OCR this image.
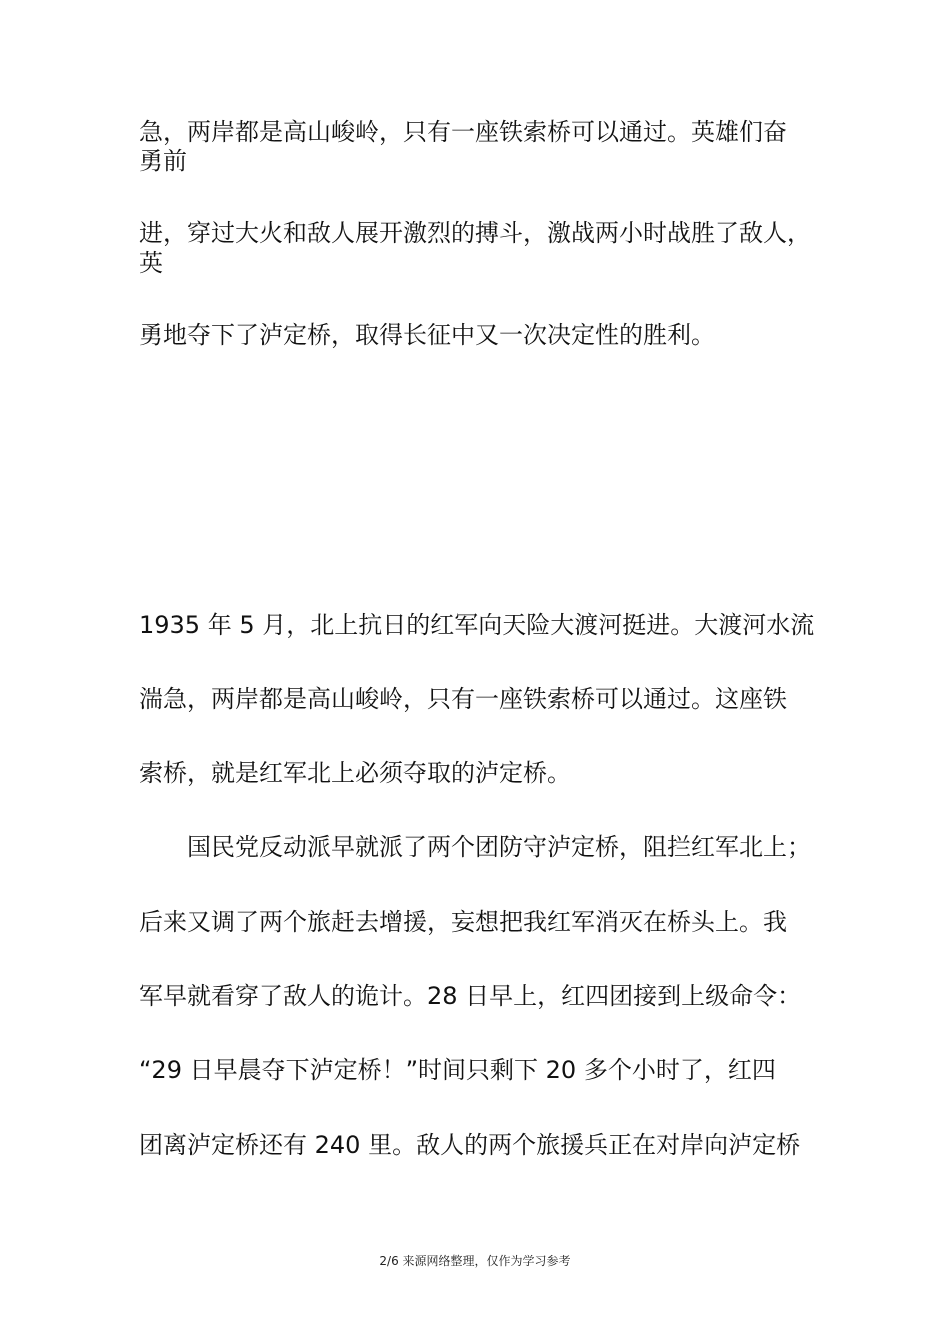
急，两岸都是高山峻岭，只有一座铁索桥可以通过。英雄们奋

勇前

进，穿过大火和敌人展开激烈的搏斗，激战两小时战胜了敌人，

英

勇地夺下了泸定桥，取得长征中又一次决定性的胜利。

1935 年 5 月，北上抗日的红军向天险大渡河挺进。大渡河水流

湍急，两岸都是高山峻岭，只有一座铁索桥可以通过。这座铁

索桥，就是红军北上必须夺取的泸定桥。

国民党反动派早就派了两个团防守泸定桥，阻拦红军北上；

后来又调了两个旅赶去增援，妄想把我红军消灭在桥头上。我

军早就看穿了敌人的诡计。28 日早上，红四团接到上级命令：

“29 日早晨夺下泸定桥！”时间只剩下 20 多个小时了，红四

团离泸定桥还有 240 里。敌人的两个旅援兵正在对岸向泸定桥

2/6 来源网络整理，仅作为学习参考
